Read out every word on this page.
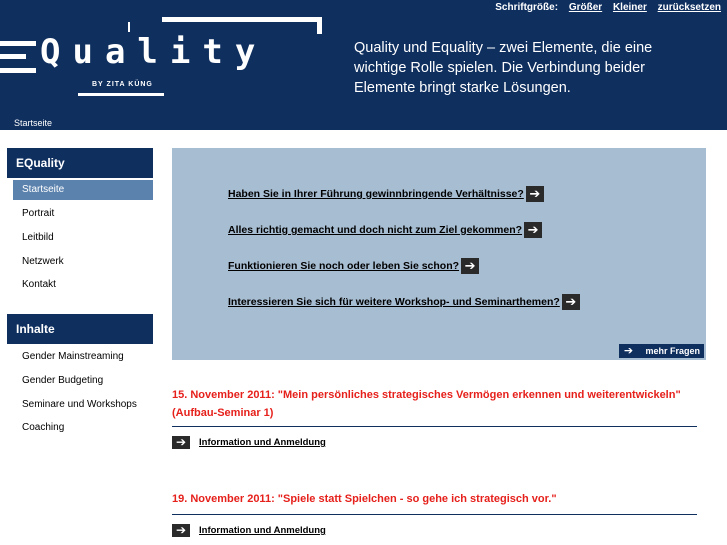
Schriftgröße: Größer Kleiner zurücksetzen
Quality
BY ZITA KÜNG
Quality und Equality – zwei Elemente, die eine wichtige Rolle spielen. Die Verbindung beider Elemente bringt starke Lösungen.
Startseite
EQuality
Startseite
Portrait
Leitbild
Netzwerk
Kontakt
Inhalte
Gender Mainstreaming
Gender Budgeting
Seminare und Workshops
Coaching
Haben Sie in Ihrer Führung gewinnbringende Verhältnisse? ➔
Alles richtig gemacht und doch nicht zum Ziel gekommen? ➔
Funktionieren Sie noch oder leben Sie schon? ➔
Interessieren Sie sich für weitere Workshop- und Seminarthemen? ➔
➔	mehr Fragen
15. November 2011: "Mein persönliches strategisches Vermögen erkennen und weiterentwickeln" (Aufbau-Seminar 1)
➔	Information und Anmeldung
19. November 2011: "Spiele statt Spielchen - so gehe ich strategisch vor."
➔	Information und Anmeldung
